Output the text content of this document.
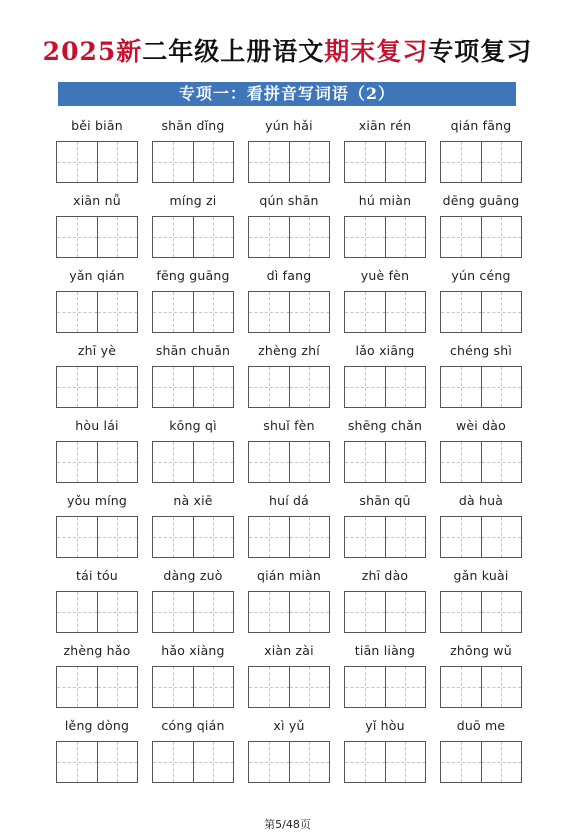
2025新二年级上册语文期末复习专项复习
专项一：看拼音写词语（2）
běi biān	shān dǐng	yún hǎi	xiān rén	qián fāng
xiān nǚ	míng zi	qún shān	hú miàn	dēng guāng
yǎn qián	fēng guāng	dì fang	yuè fèn	yún céng
zhī yè	shān chuān	zhèng zhí	lǎo xiāng	chéng shì
hòu lái	kōng qì	shuǐ fèn	shēng chǎn	wèi dào
yǒu míng	nà xiē	huí dá	shān qū	dà huà
tái tóu	dàng zuò	qián miàn	zhī dào	gǎn kuài
zhèng hǎo	hǎo xiàng	xiàn zài	tiān liàng	zhōng wǔ
lěng dòng	cóng qián	xì yǔ	yǐ hòu	duō me
第5/48页
